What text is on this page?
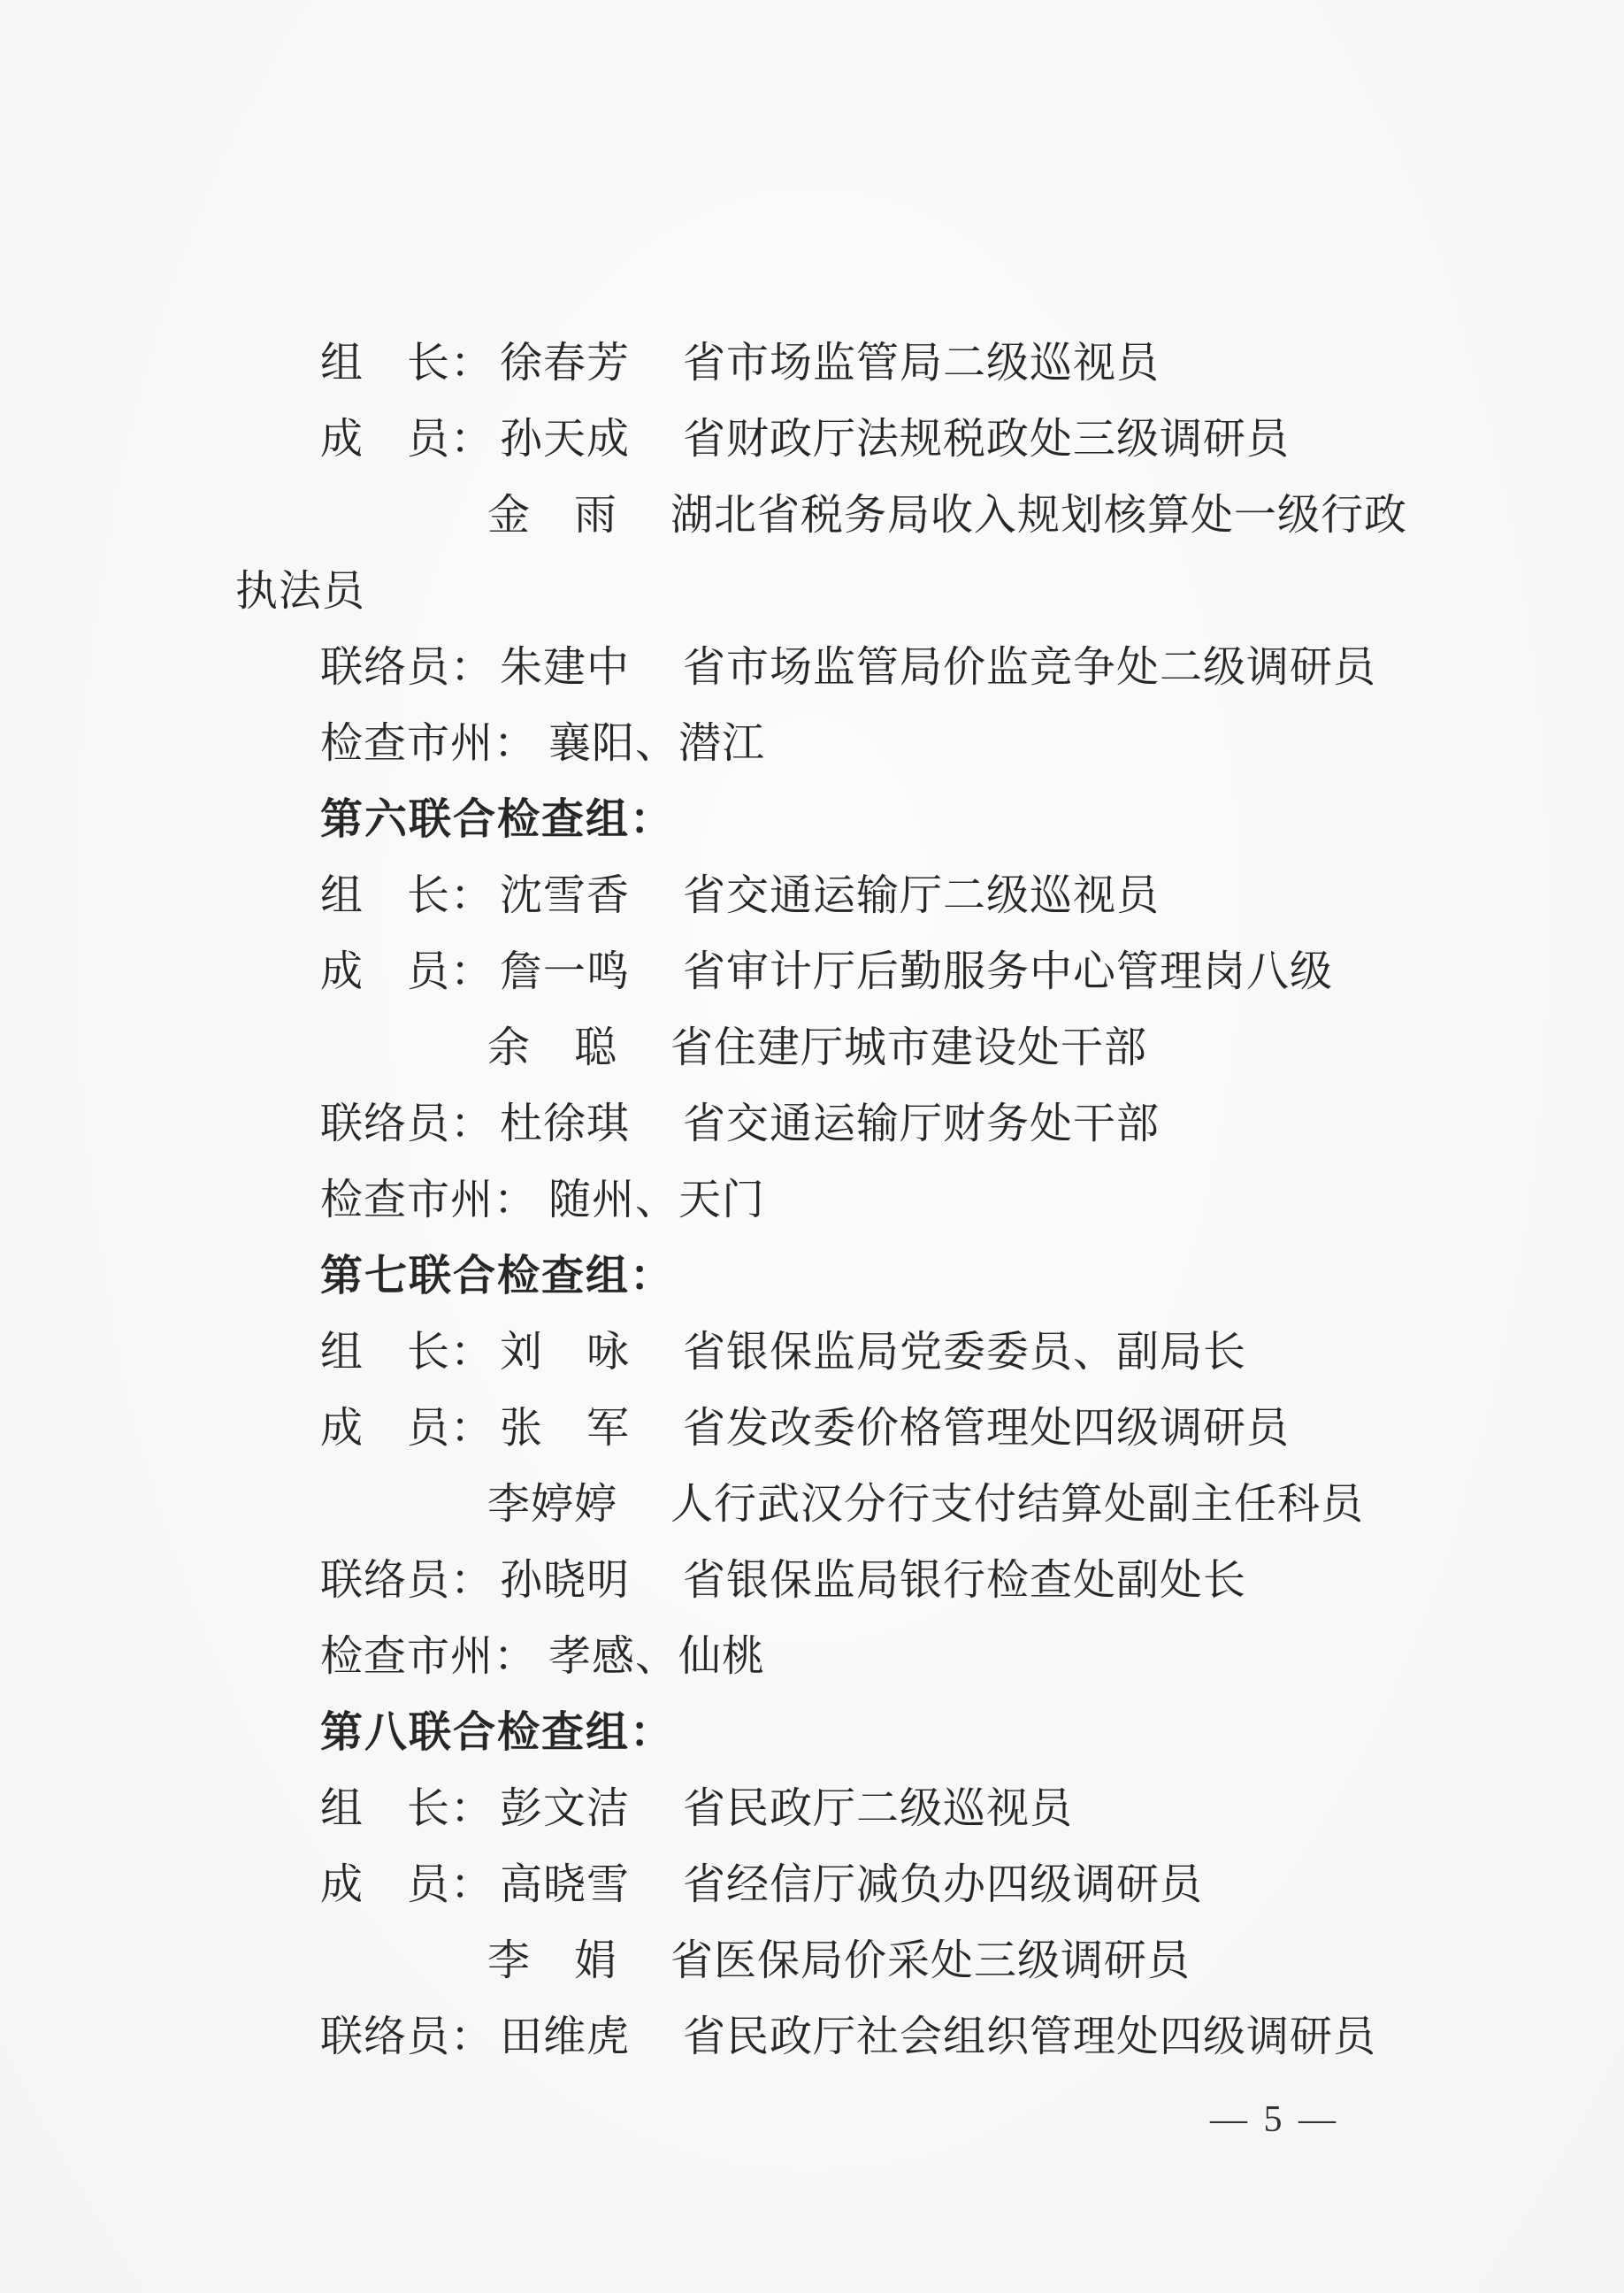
组　长： 徐春芳 省市场监管局二级巡视员
成　员： 孙天成 省财政厅法规税政处三级调研员
金　雨 湖北省税务局收入规划核算处一级行政
执法员
联络员： 朱建中 省市场监管局价监竞争处二级调研员
检查市州： 襄阳、潜江
第六联合检查组：
组　长： 沈雪香 省交通运输厅二级巡视员
成　员： 詹一鸣 省审计厅后勤服务中心管理岗八级
余　聪 省住建厅城市建设处干部
联络员： 杜徐琪 省交通运输厅财务处干部
检查市州： 随州、天门
第七联合检查组：
组　长： 刘　咏 省银保监局党委委员、副局长
成　员： 张　军 省发改委价格管理处四级调研员
李婷婷 人行武汉分行支付结算处副主任科员
联络员： 孙晓明 省银保监局银行检查处副处长
检查市州： 孝感、仙桃
第八联合检查组：
组　长： 彭文洁 省民政厅二级巡视员
成　员： 高晓雪 省经信厅减负办四级调研员
李　娟 省医保局价采处三级调研员
联络员： 田维虎 省民政厅社会组织管理处四级调研员
— 5 —
